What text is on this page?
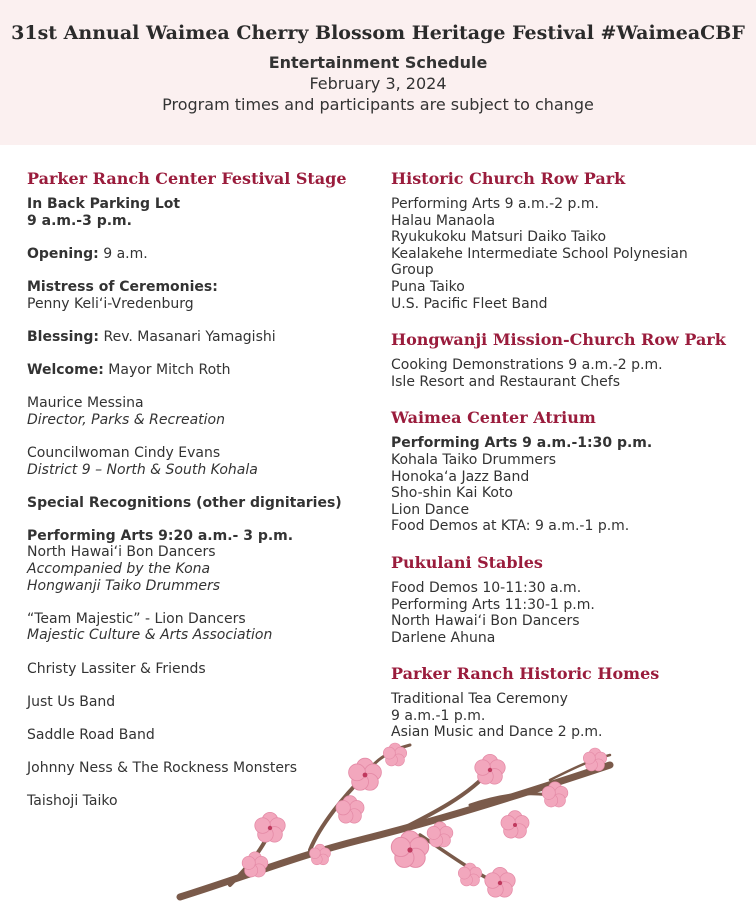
31st Annual Waimea Cherry Blossom Heritage Festival #WaimeaCBF
Entertainment Schedule
February 3, 2024
Program times and participants are subject to change
Parker Ranch Center Festival Stage
In Back Parking Lot
9 a.m.-3 p.m.
Opening: 9 a.m.
Mistress of Ceremonies:
Penny Keli‘i-Vredenburg
Blessing: Rev. Masanari Yamagishi
Welcome: Mayor Mitch Roth
Maurice Messina
Director, Parks & Recreation
Councilwoman Cindy Evans
District 9 – North & South Kohala
Special Recognitions (other dignitaries)
Performing Arts 9:20 a.m.- 3 p.m.
North Hawai‘i Bon Dancers
Accompanied by the Kona Hongwanji Taiko Drummers
“Team Majestic” - Lion Dancers
Majestic Culture & Arts Association
Christy Lassiter & Friends
Just Us Band
Saddle Road Band
Johnny Ness & The Rockness Monsters
Taishoji Taiko
Historic Church Row Park
Performing Arts 9 a.m.-2 p.m.
Halau Manaola
Ryukukoku Matsuri Daiko Taiko
Kealakehe Intermediate School Polynesian Group
Puna Taiko
U.S. Pacific Fleet Band
Hongwanji Mission-Church Row Park
Cooking Demonstrations 9 a.m.-2 p.m.
Isle Resort and Restaurant Chefs
Waimea Center Atrium
Performing Arts 9 a.m.-1:30 p.m.
Kohala Taiko Drummers
Honoka‘a Jazz Band
Sho-shin Kai Koto
Lion Dance
Food Demos at KTA: 9 a.m.-1 p.m.
Pukulani Stables
Food Demos 10-11:30 a.m.
Performing Arts 11:30-1 p.m.
North Hawai‘i Bon Dancers
Darlene Ahuna
Parker Ranch Historic Homes
Traditional Tea Ceremony
9 a.m.-1 p.m.
Asian Music and Dance 2 p.m.
